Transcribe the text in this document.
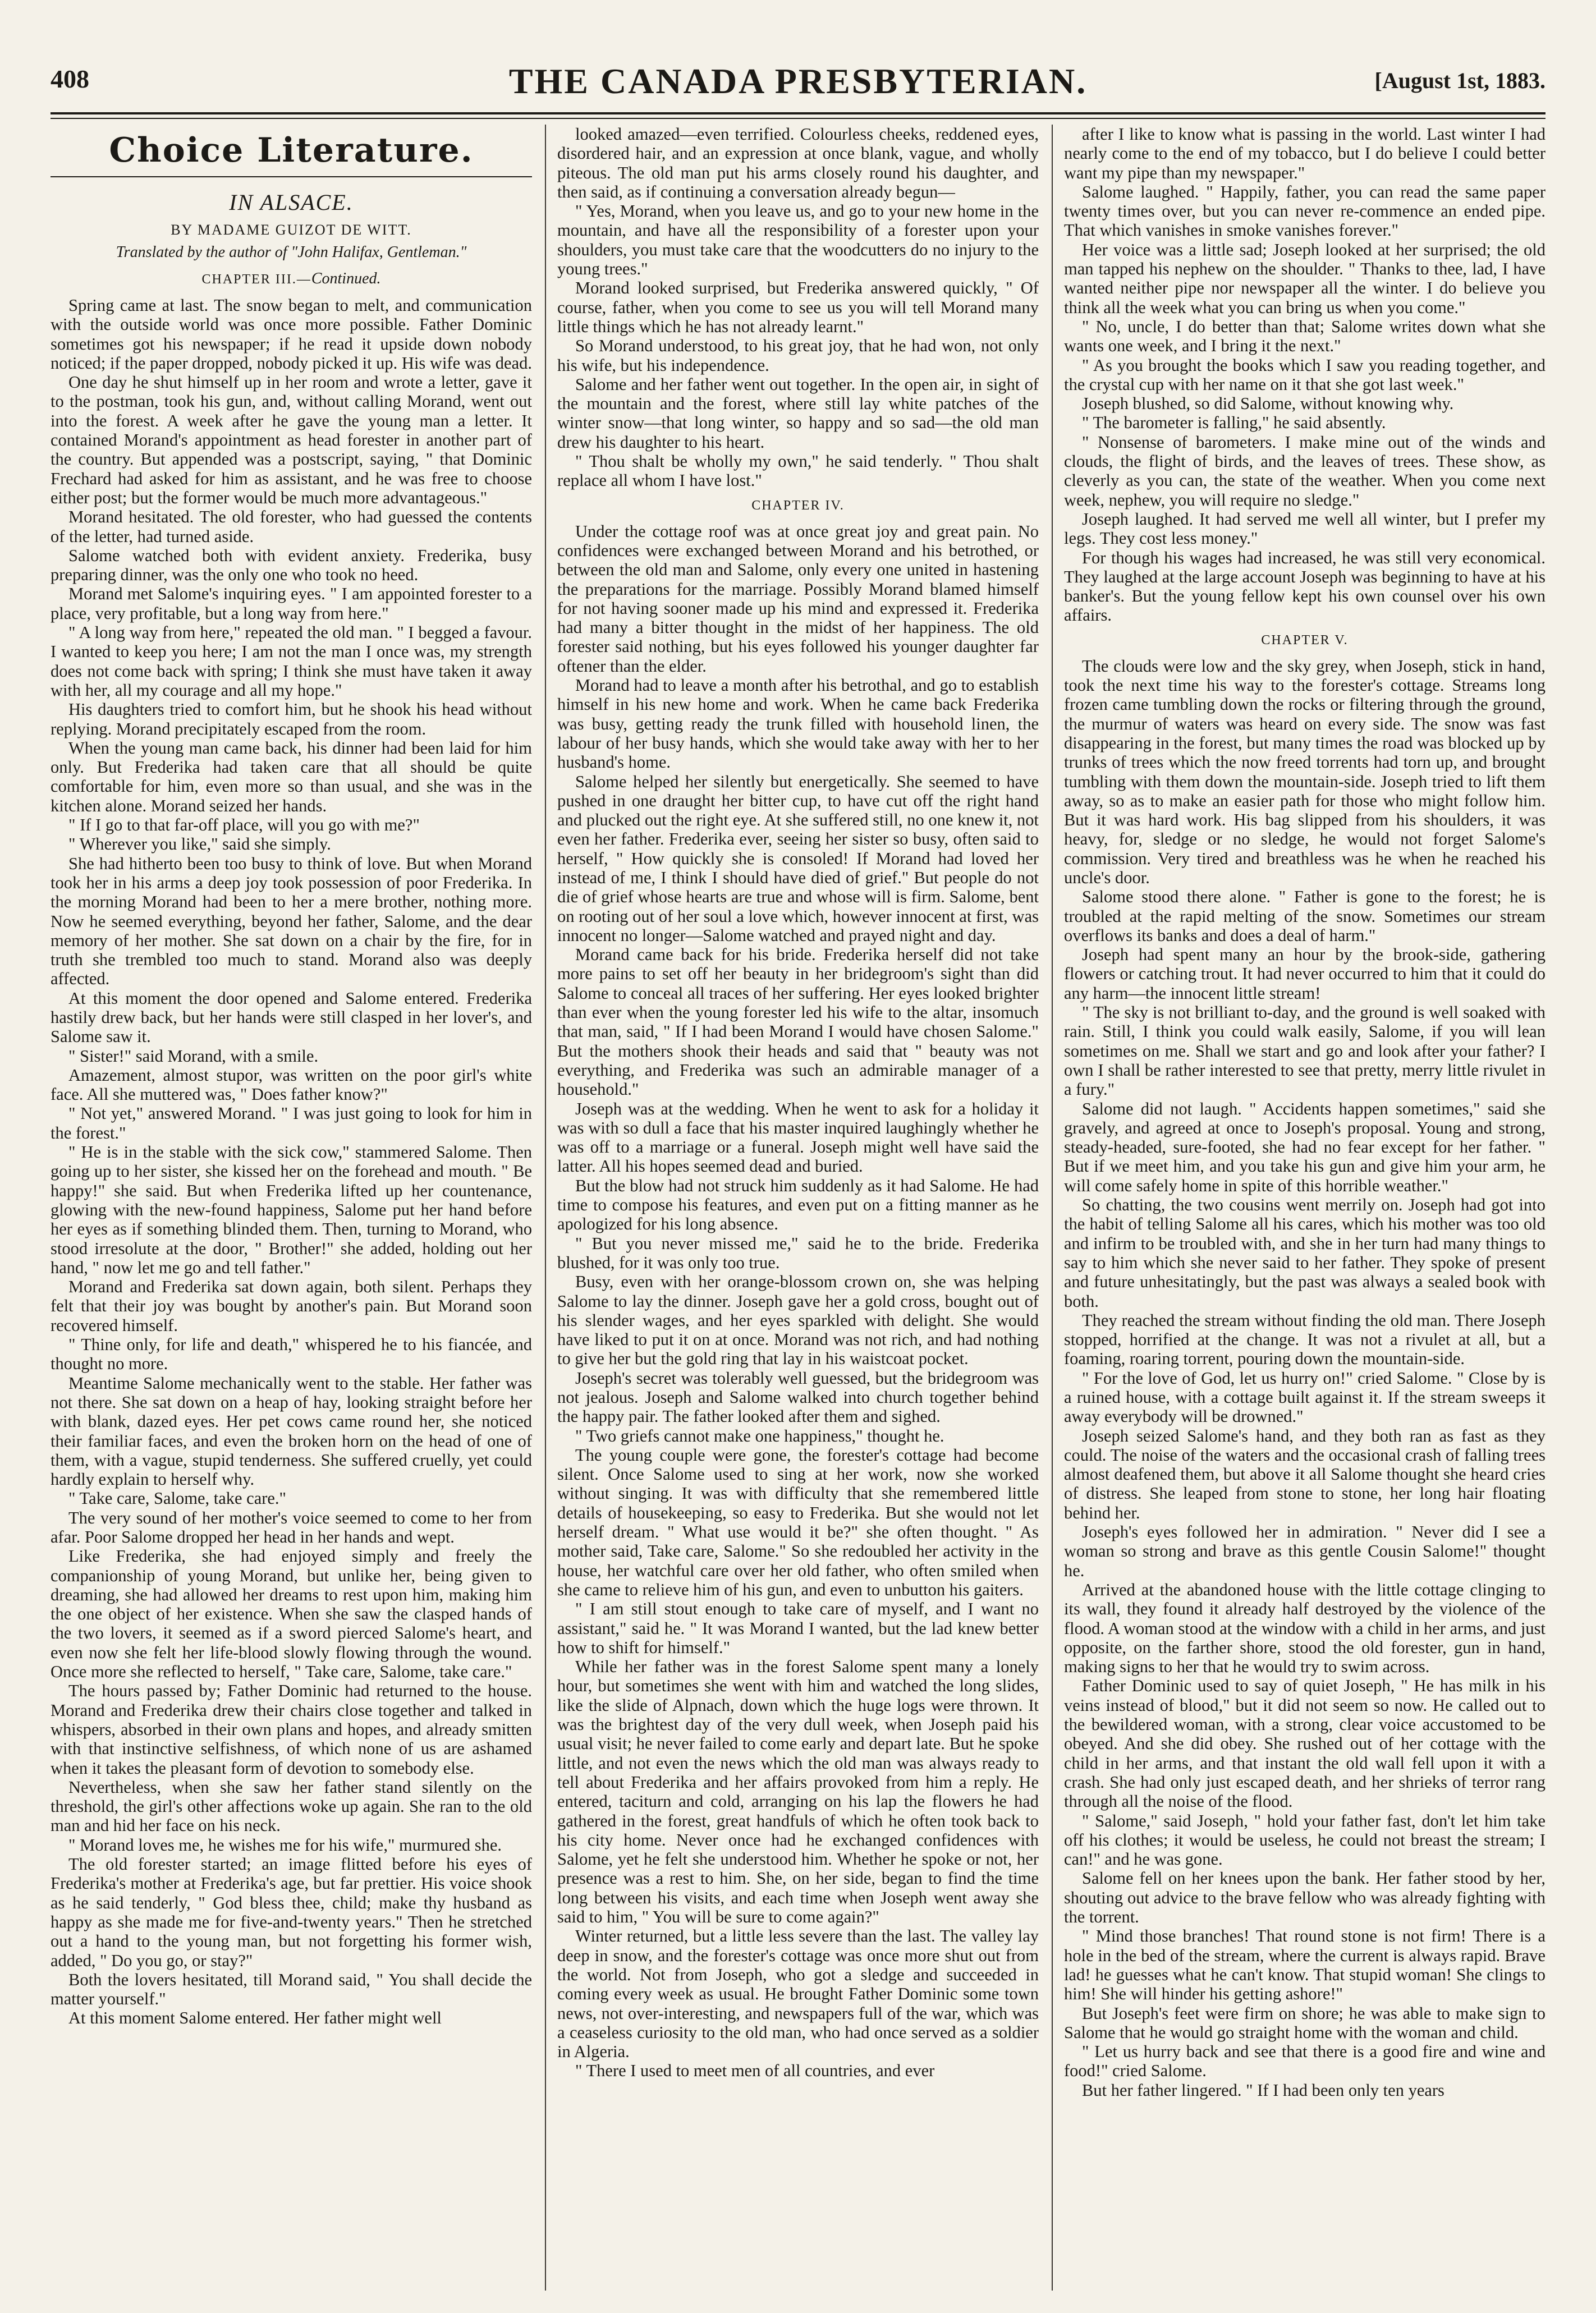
408	THE CANADA PRESBYTERIAN.	[August 1st, 1883.
Choice Literature.
IN ALSACE.
BY MADAME GUIZOT DE WITT.
Translated by the author of "John Halifax, Gentleman."
CHAPTER III.—Continued.

Spring came at last. The snow began to melt, and communication with the outside world was once more possible. Father Dominic sometimes got his newspaper; if he read it upside down nobody noticed; if the paper dropped, nobody picked it up. His wife was dead.

One day he shut himself up in her room and wrote a letter, gave it to the postman, took his gun, and, without calling Morand, went out into the forest. A week after he gave the young man a letter. It contained Morand's appointment as head forester in another part of the country. But appended was a postscript, saying, " that Dominic Frechard had asked for him as assistant, and he was free to choose either post; but the former would be much more advantageous."

Morand hesitated. The old forester, who had guessed the contents of the letter, had turned aside.

Salome watched both with evident anxiety. Frederika, busy preparing dinner, was the only one who took no heed.

Morand met Salome's inquiring eyes. " I am appointed forester to a place, very profitable, but a long way from here."

" A long way from here," repeated the old man. " I begged a favour. I wanted to keep you here; I am not the man I once was, my strength does not come back with spring; I think she must have taken it away with her, all my courage and all my hope."

His daughters tried to comfort him, but he shook his head without replying. Morand precipitately escaped from the room.

When the young man came back, his dinner had been laid for him only. But Frederika had taken care that all should be quite comfortable for him, even more so than usual, and she was in the kitchen alone. Morand seized her hands.

" If I go to that far-off place, will you go with me?"

" Wherever you like," said she simply.

She had hitherto been too busy to think of love. But when Morand took her in his arms a deep joy took possession of poor Frederika. In the morning Morand had been to her a mere brother, nothing more. Now he seemed everything, beyond her father, Salome, and the dear memory of her mother. She sat down on a chair by the fire, for in truth she trembled too much to stand. Morand also was deeply affected.

At this moment the door opened and Salome entered. Frederika hastily drew back, but her hands were still clasped in her lover's, and Salome saw it.

" Sister!" said Morand, with a smile.

Amazement, almost stupor, was written on the poor girl's white face. All she muttered was, " Does father know?"

" Not yet," answered Morand. " I was just going to look for him in the forest."

" He is in the stable with the sick cow," stammered Salome. Then going up to her sister, she kissed her on the forehead and mouth. " Be happy!" she said. But when Frederika lifted up her countenance, glowing with the new-found happiness, Salome put her hand before her eyes as if something blinded them. Then, turning to Morand, who stood irresolute at the door, " Brother!" she added, holding out her hand, " now let me go and tell father."

Morand and Frederika sat down again, both silent. Perhaps they felt that their joy was bought by another's pain. But Morand soon recovered himself.

" Thine only, for life and death," whispered he to his fiancée, and thought no more.

Meantime Salome mechanically went to the stable. Her father was not there. She sat down on a heap of hay, looking straight before her with blank, dazed eyes. Her pet cows came round her, she noticed their familiar faces, and even the broken horn on the head of one of them, with a vague, stupid tenderness. She suffered cruelly, yet could hardly explain to herself why.

" Take care, Salome, take care."

The very sound of her mother's voice seemed to come to her from afar. Poor Salome dropped her head in her hands and wept.

Like Frederika, she had enjoyed simply and freely the companionship of young Morand, but unlike her, being given to dreaming, she had allowed her dreams to rest upon him, making him the one object of her existence. When she saw the clasped hands of the two lovers, it seemed as if a sword pierced Salome's heart, and even now she felt her life-blood slowly flowing through the wound. Once more she reflected to herself, " Take care, Salome, take care."

The hours passed by; Father Dominic had returned to the house. Morand and Frederika drew their chairs close together and talked in whispers, absorbed in their own plans and hopes, and already smitten with that instinctive selfishness, of which none of us are ashamed when it takes the pleasant form of devotion to somebody else.

Nevertheless, when she saw her father stand silently on the threshold, the girl's other affections woke up again. She ran to the old man and hid her face on his neck.

" Morand loves me, he wishes me for his wife," murmured she.

The old forester started; an image flitted before his eyes of Frederika's mother at Frederika's age, but far prettier. His voice shook as he said tenderly, " God bless thee, child; make thy husband as happy as she made me for five-and-twenty years." Then he stretched out a hand to the young man, but not forgetting his former wish, added, " Do you go, or stay?"

Both the lovers hesitated, till Morand said, " You shall decide the matter yourself."

At this moment Salome entered. Her father might well

looked amazed—even terrified. Colourless cheeks, reddened eyes, disordered hair, and an expression at once blank, vague, and wholly piteous. The old man put his arms closely round his daughter, and then said, as if continuing a conversation already begun—

" Yes, Morand, when you leave us, and go to your new home in the mountain, and have all the responsibility of a forester upon your shoulders, you must take care that the woodcutters do no injury to the young trees."

Morand looked surprised, but Frederika answered quickly, " Of course, father, when you come to see us you will tell Morand many little things which he has not already learnt."

So Morand understood, to his great joy, that he had won, not only his wife, but his independence.

Salome and her father went out together. In the open air, in sight of the mountain and the forest, where still lay white patches of the winter snow—that long winter, so happy and so sad—the old man drew his daughter to his heart.

" Thou shalt be wholly my own," he said tenderly. " Thou shalt replace all whom I have lost."

CHAPTER IV.

Under the cottage roof was at once great joy and great pain. No confidences were exchanged between Morand and his betrothed, or between the old man and Salome, only every one united in hastening the preparations for the marriage. Possibly Morand blamed himself for not having sooner made up his mind and expressed it. Frederika had many a bitter thought in the midst of her happiness. The old forester said nothing, but his eyes followed his younger daughter far oftener than the elder.

Morand had to leave a month after his betrothal, and go to establish himself in his new home and work. When he came back Frederika was busy, getting ready the trunk filled with household linen, the labour of her busy hands, which she would take away with her to her husband's home.

Salome helped her silently but energetically. She seemed to have pushed in one draught her bitter cup, to have cut off the right hand and plucked out the right eye. At she suffered still, no one knew it, not even her father. Frederika ever, seeing her sister so busy, often said to herself, " How quickly she is consoled! If Morand had loved her instead of me, I think I should have died of grief." But people do not die of grief whose hearts are true and whose will is firm. Salome, bent on rooting out of her soul a love which, however innocent at first, was innocent no longer—Salome watched and prayed night and day.

Morand came back for his bride. Frederika herself did not take more pains to set off her beauty in her bridegroom's sight than did Salome to conceal all traces of her suffering. Her eyes looked brighter than ever when the young forester led his wife to the altar, insomuch that man, said, " If I had been Morand I would have chosen Salome." But the mothers shook their heads and said that " beauty was not everything, and Frederika was such an admirable manager of a household."

Joseph was at the wedding. When he went to ask for a holiday it was with so dull a face that his master inquired laughingly whether he was off to a marriage or a funeral. Joseph might well have said the latter. All his hopes seemed dead and buried.

But the blow had not struck him suddenly as it had Salome. He had time to compose his features, and even put on a fitting manner as he apologized for his long absence.

" But you never missed me," said he to the bride. Frederika blushed, for it was only too true.

Busy, even with her orange-blossom crown on, she was helping Salome to lay the dinner. Joseph gave her a gold cross, bought out of his slender wages, and her eyes sparkled with delight. She would have liked to put it on at once. Morand was not rich, and had nothing to give her but the gold ring that lay in his waistcoat pocket.

Joseph's secret was tolerably well guessed, but the bridegroom was not jealous. Joseph and Salome walked into church together behind the happy pair. The father looked after them and sighed.

" Two griefs cannot make one happiness," thought he.

The young couple were gone, the forester's cottage had become silent. Once Salome used to sing at her work, now she worked without singing. It was with difficulty that she remembered little details of housekeeping, so easy to Frederika. But she would not let herself dream. " What use would it be?" she often thought. " As mother said, Take care, Salome." So she redoubled her activity in the house, her watchful care over her old father, who often smiled when she came to relieve him of his gun, and even to unbutton his gaiters.

" I am still stout enough to take care of myself, and I want no assistant," said he. " It was Morand I wanted, but the lad knew better how to shift for himself."

While her father was in the forest Salome spent many a lonely hour, but sometimes she went with him and watched the long slides, like the slide of Alpnach, down which the huge logs were thrown. It was the brightest day of the very dull week, when Joseph paid his usual visit; he never failed to come early and depart late. But he spoke little, and not even the news which the old man was always ready to tell about Frederika and her affairs provoked from him a reply. He entered, taciturn and cold, arranging on his lap the flowers he had gathered in the forest, great handfuls of which he often took back to his city home. Never once had he exchanged confidences with Salome, yet he felt she understood him. Whether he spoke or not, her presence was a rest to him. She, on her side, began to find the time long between his visits, and each time when Joseph went away she said to him, " You will be sure to come again?"

Winter returned, but a little less severe than the last. The valley lay deep in snow, and the forester's cottage was once more shut out from the world. Not from Joseph, who got a sledge and succeeded in coming every week as usual. He brought Father Dominic some town news, not over-interesting, and newspapers full of the war, which was a ceaseless curiosity to the old man, who had once served as a soldier in Algeria.

" There I used to meet men of all countries, and ever

after I like to know what is passing in the world. Last winter I had nearly come to the end of my tobacco, but I do believe I could better want my pipe than my newspaper."

Salome laughed. " Happily, father, you can read the same paper twenty times over, but you can never re-commence an ended pipe. That which vanishes in smoke vanishes forever."

Her voice was a little sad; Joseph looked at her surprised; the old man tapped his nephew on the shoulder. " Thanks to thee, lad, I have wanted neither pipe nor newspaper all the winter. I do believe you think all the week what you can bring us when you come."

" No, uncle, I do better than that; Salome writes down what she wants one week, and I bring it the next."

" As you brought the books which I saw you reading together, and the crystal cup with her name on it that she got last week."

Joseph blushed, so did Salome, without knowing why.

" The barometer is falling," he said absently.

" Nonsense of barometers. I make mine out of the winds and clouds, the flight of birds, and the leaves of trees. These show, as cleverly as you can, the state of the weather. When you come next week, nephew, you will require no sledge."

Joseph laughed. It had served me well all winter, but I prefer my legs. They cost less money."

For though his wages had increased, he was still very economical. They laughed at the large account Joseph was beginning to have at his banker's. But the young fellow kept his own counsel over his own affairs.

CHAPTER V.

The clouds were low and the sky grey, when Joseph, stick in hand, took the next time his way to the forester's cottage. Streams long frozen came tumbling down the rocks or filtering through the ground, the murmur of waters was heard on every side. The snow was fast disappearing in the forest, but many times the road was blocked up by trunks of trees which the now freed torrents had torn up, and brought tumbling with them down the mountain-side. Joseph tried to lift them away, so as to make an easier path for those who might follow him. But it was hard work. His bag slipped from his shoulders, it was heavy, for, sledge or no sledge, he would not forget Salome's commission. Very tired and breathless was he when he reached his uncle's door.

Salome stood there alone. " Father is gone to the forest; he is troubled at the rapid melting of the snow. Sometimes our stream overflows its banks and does a deal of harm."

Joseph had spent many an hour by the brook-side, gathering flowers or catching trout. It had never occurred to him that it could do any harm—the innocent little stream!

" The sky is not brilliant to-day, and the ground is well soaked with rain. Still, I think you could walk easily, Salome, if you will lean sometimes on me. Shall we start and go and look after your father? I own I shall be rather interested to see that pretty, merry little rivulet in a fury."

Salome did not laugh. " Accidents happen sometimes," said she gravely, and agreed at once to Joseph's proposal. Young and strong, steady-headed, sure-footed, she had no fear except for her father. " But if we meet him, and you take his gun and give him your arm, he will come safely home in spite of this horrible weather."

So chatting, the two cousins went merrily on. Joseph had got into the habit of telling Salome all his cares, which his mother was too old and infirm to be troubled with, and she in her turn had many things to say to him which she never said to her father. They spoke of present and future unhesitatingly, but the past was always a sealed book with both.

They reached the stream without finding the old man. There Joseph stopped, horrified at the change. It was not a rivulet at all, but a foaming, roaring torrent, pouring down the mountain-side.

" For the love of God, let us hurry on!" cried Salome. " Close by is a ruined house, with a cottage built against it. If the stream sweeps it away everybody will be drowned."

Joseph seized Salome's hand, and they both ran as fast as they could. The noise of the waters and the occasional crash of falling trees almost deafened them, but above it all Salome thought she heard cries of distress. She leaped from stone to stone, her long hair floating behind her.

Joseph's eyes followed her in admiration. " Never did I see a woman so strong and brave as this gentle Cousin Salome!" thought he.

Arrived at the abandoned house with the little cottage clinging to its wall, they found it already half destroyed by the violence of the flood. A woman stood at the window with a child in her arms, and just opposite, on the farther shore, stood the old forester, gun in hand, making signs to her that he would try to swim across.

Father Dominic used to say of quiet Joseph, " He has milk in his veins instead of blood," but it did not seem so now. He called out to the bewildered woman, with a strong, clear voice accustomed to be obeyed. And she did obey. She rushed out of her cottage with the child in her arms, and that instant the old wall fell upon it with a crash. She had only just escaped death, and her shrieks of terror rang through all the noise of the flood.

" Salome," said Joseph, " hold your father fast, don't let him take off his clothes; it would be useless, he could not breast the stream; I can!" and he was gone.

Salome fell on her knees upon the bank. Her father stood by her, shouting out advice to the brave fellow who was already fighting with the torrent.

" Mind those branches! That round stone is not firm! There is a hole in the bed of the stream, where the current is always rapid. Brave lad! he guesses what he can't know. That stupid woman! She clings to him! She will hinder his getting ashore!"

But Joseph's feet were firm on shore; he was able to make sign to Salome that he would go straight home with the woman and child.

" Let us hurry back and see that there is a good fire and wine and food!" cried Salome.

But her father lingered. " If I had been only ten years
